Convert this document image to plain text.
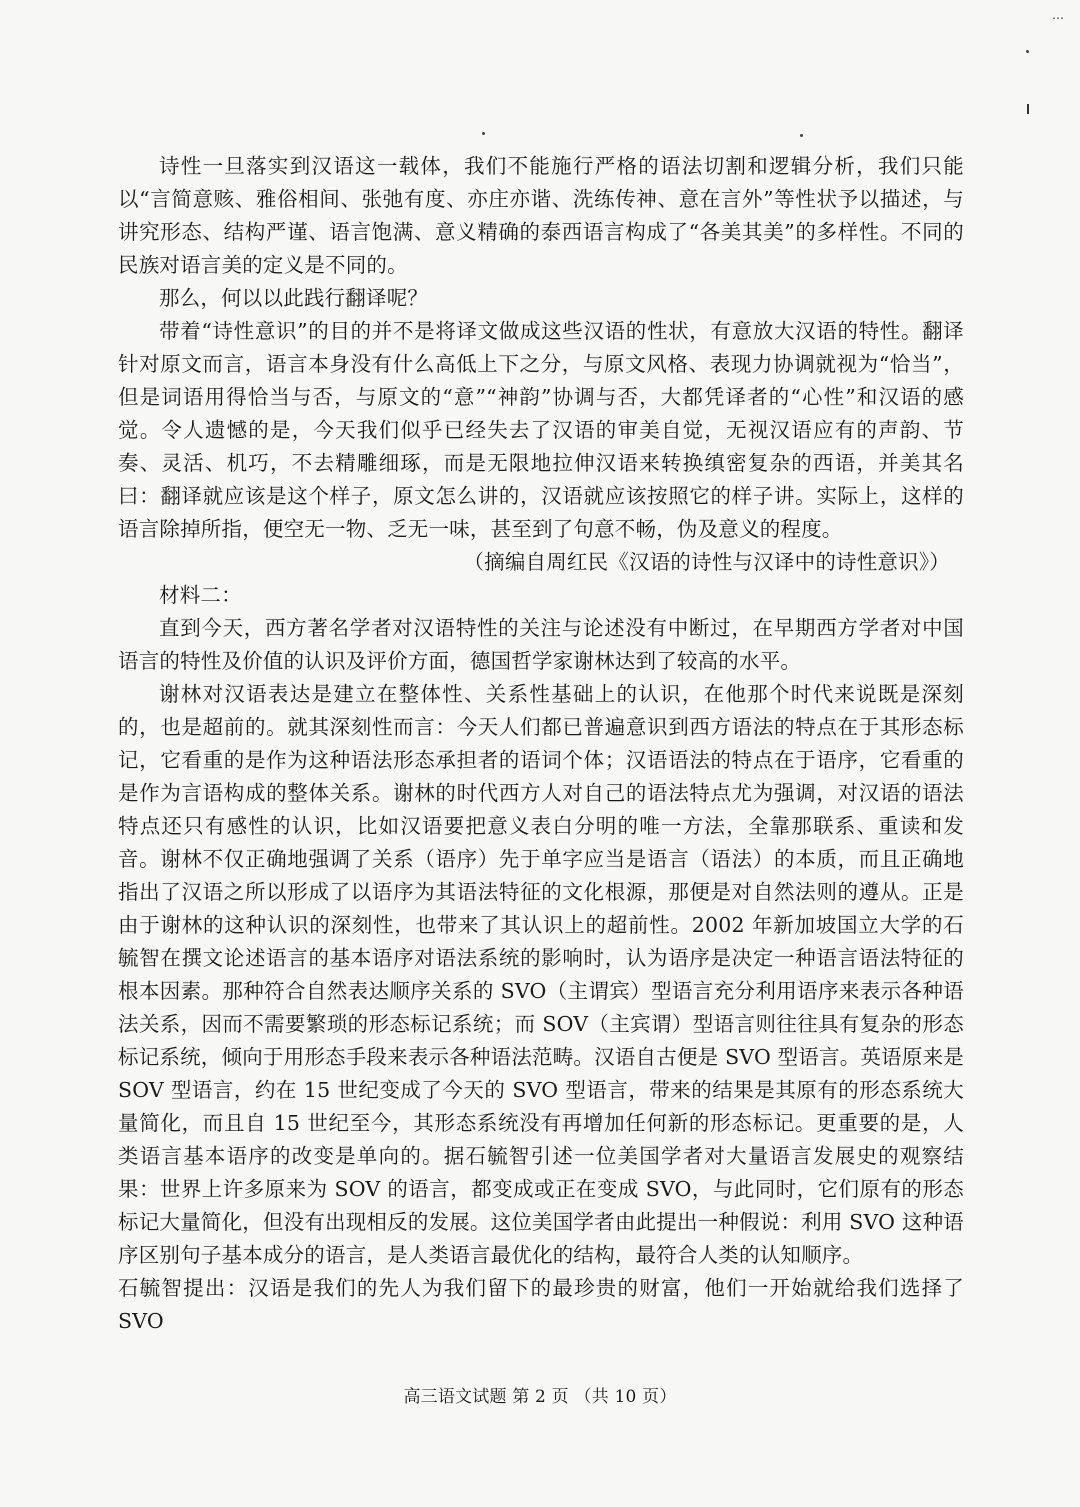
…

诗性一旦落实到汉语这一载体，我们不能施行严格的语法切割和逻辑分析，我们只能以“言简意赅、雅俗相间、张弛有度、亦庄亦谐、洗练传神、意在言外”等性状予以描述，与讲究形态、结构严谨、语言饱满、意义精确的泰西语言构成了“各美其美”的多样性。不同的民族对语言美的定义是不同的。

那么，何以以此践行翻译呢？

带着“诗性意识”的目的并不是将译文做成这些汉语的性状，有意放大汉语的特性。翻译针对原文而言，语言本身没有什么高低上下之分，与原文风格、表现力协调就视为“恰当”，但是词语用得恰当与否，与原文的“意”“神韵”协调与否，大都凭译者的“心性”和汉语的感觉。令人遗憾的是，今天我们似乎已经失去了汉语的审美自觉，无视汉语应有的声韵、节奏、灵活、机巧，不去精雕细琢，而是无限地拉伸汉语来转换缜密复杂的西语，并美其名曰：翻译就应该是这个样子，原文怎么讲的，汉语就应该按照它的样子讲。实际上，这样的语言除掉所指，便空无一物、乏无一味，甚至到了句意不畅，伪及意义的程度。

（摘编自周红民《汉语的诗性与汉译中的诗性意识》）

材料二：

直到今天，西方著名学者对汉语特性的关注与论述没有中断过，在早期西方学者对中国语言的特性及价值的认识及评价方面，德国哲学家谢林达到了较高的水平。

谢林对汉语表达是建立在整体性、关系性基础上的认识，在他那个时代来说既是深刻的，也是超前的。就其深刻性而言：今天人们都已普遍意识到西方语法的特点在于其形态标记，它看重的是作为这种语法形态承担者的语词个体；汉语语法的特点在于语序，它看重的是作为言语构成的整体关系。谢林的时代西方人对自己的语法特点尤为强调，对汉语的语法特点还只有感性的认识，比如汉语要把意义表白分明的唯一方法，全靠那联系、重读和发音。谢林不仅正确地强调了关系（语序）先于单字应当是语言（语法）的本质，而且正确地指出了汉语之所以形成了以语序为其语法特征的文化根源，那便是对自然法则的遵从。正是由于谢林的这种认识的深刻性，也带来了其认识上的超前性。2002 年新加坡国立大学的石毓智在撰文论述语言的基本语序对语法系统的影响时，认为语序是决定一种语言语法特征的根本因素。那种符合自然表达顺序关系的 SVO（主谓宾）型语言充分利用语序来表示各种语法关系，因而不需要繁琐的形态标记系统；而 SOV（主宾谓）型语言则往往具有复杂的形态标记系统，倾向于用形态手段来表示各种语法范畴。汉语自古便是 SVO 型语言。英语原来是 SOV 型语言，约在 15 世纪变成了今天的 SVO 型语言，带来的结果是其原有的形态系统大量简化，而且自 15 世纪至今，其形态系统没有再增加任何新的形态标记。更重要的是，人类语言基本语序的改变是单向的。据石毓智引述一位美国学者对大量语言发展史的观察结果：世界上许多原来为 SOV 的语言，都变成或正在变成 SVO，与此同时，它们原有的形态标记大量简化，但没有出现相反的发展。这位美国学者由此提出一种假说：利用 SVO 这种语序区别句子基本成分的语言，是人类语言最优化的结构，最符合人类的认知顺序。

石毓智提出：汉语是我们的先人为我们留下的最珍贵的财富，他们一开始就给我们选择了 SVO

高三语文试题 第 2 页 （共 10 页）
